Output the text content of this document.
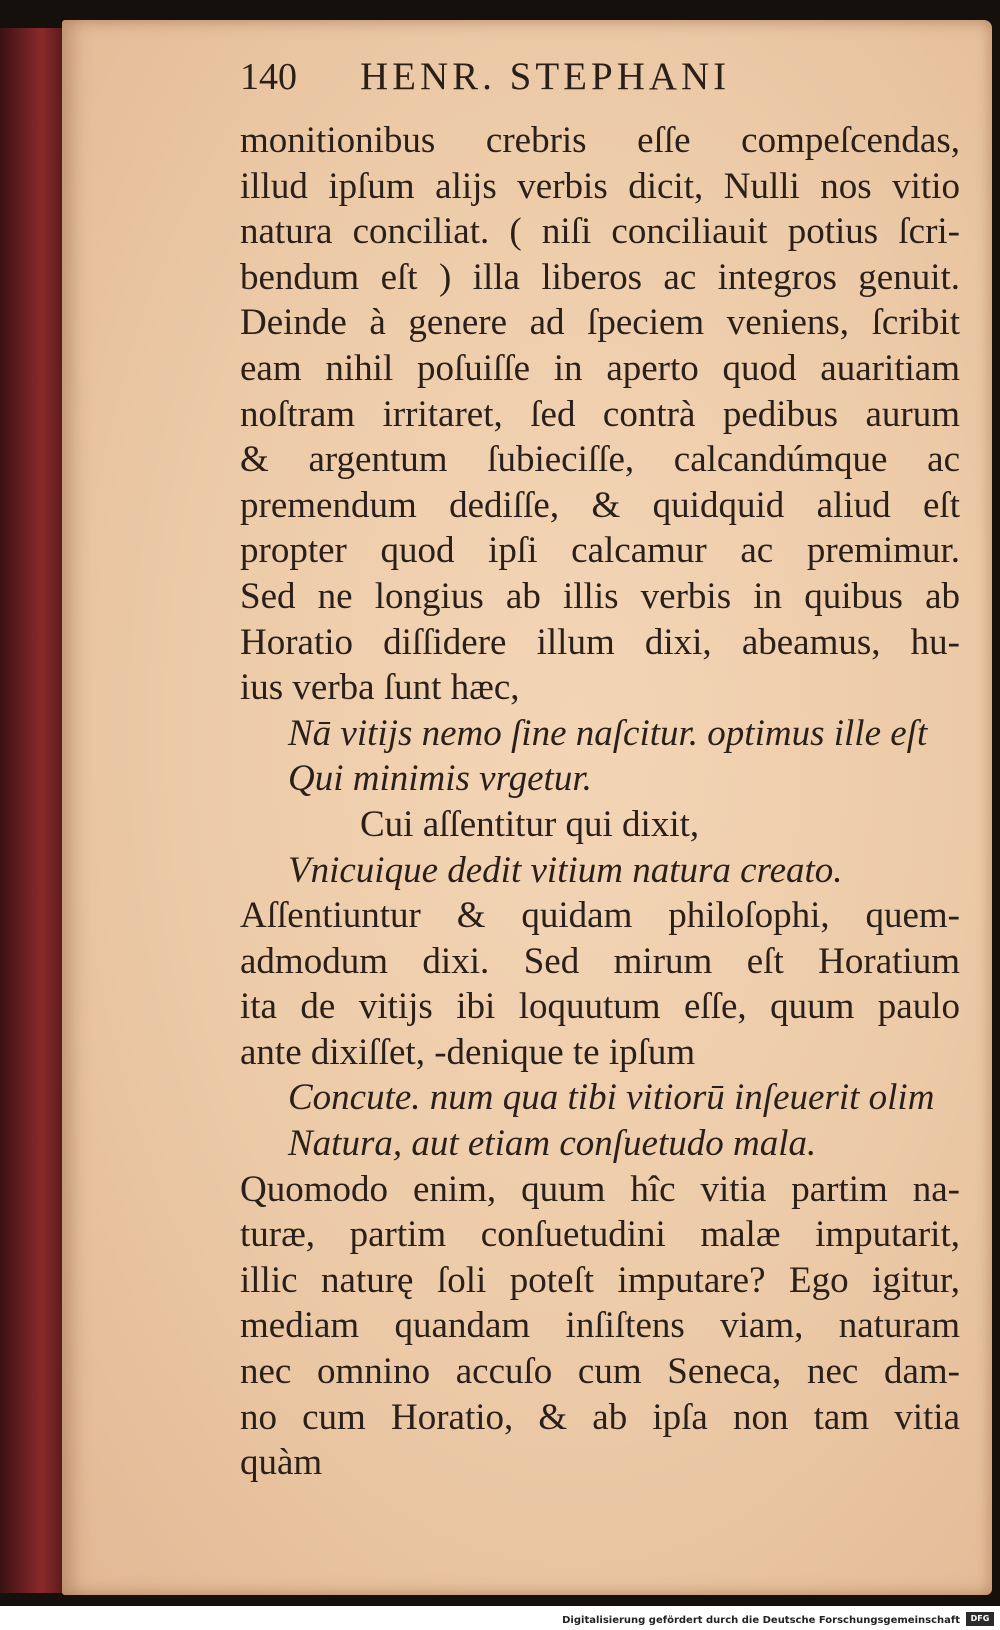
140	HENR. STEPHANI
monitionibus crebris eſſe compeſcendas,
illud ipſum alijs verbis dicit, Nulli nos vitio
natura conciliat. ( niſi conciliauit potius ſcri-
bendum eſt ) illa liberos ac integros genuit.
Deinde à genere ad ſpeciem veniens, ſcribit
eam nihil poſuiſſe in aperto quod auaritiam
noſtram irritaret, ſed contrà pedibus aurum
& argentum ſubieciſſe, calcandúmque ac
premendum dediſſe, & quidquid aliud eſt
propter quod ipſi calcamur ac premimur.
Sed ne longius ab illis verbis in quibus ab
Horatio diſſidere illum dixi, abeamus, hu-
ius verba ſunt hæc,
Nā vitijs nemo ſine naſcitur. optimus ille eſt
Qui minimis vrgetur.
Cui aſſentitur qui dixit,
Vnicuique dedit vitium natura creato.
Aſſentiuntur & quidam philoſophi, quem-
admodum dixi. Sed mirum eſt Horatium
ita de vitijs ibi loquutum eſſe, quum paulo
ante dixiſſet, -denique te ipſum
Concute. num qua tibi vitiorū inſeuerit olim
Natura, aut etiam conſuetudo mala.
Quomodo enim, quum hîc vitia partim na-
turæ, partim conſuetudini malæ imputarit,
illic naturę ſoli poteſt imputare? Ego igitur,
mediam quandam inſiſtens viam, naturam
nec omnino accuſo cum Seneca, nec dam-
no cum Horatio, & ab ipſa non tam vitia
quàm
Digitalisierung gefördert durch die Deutsche Forschungsgemeinschaft	DFG
